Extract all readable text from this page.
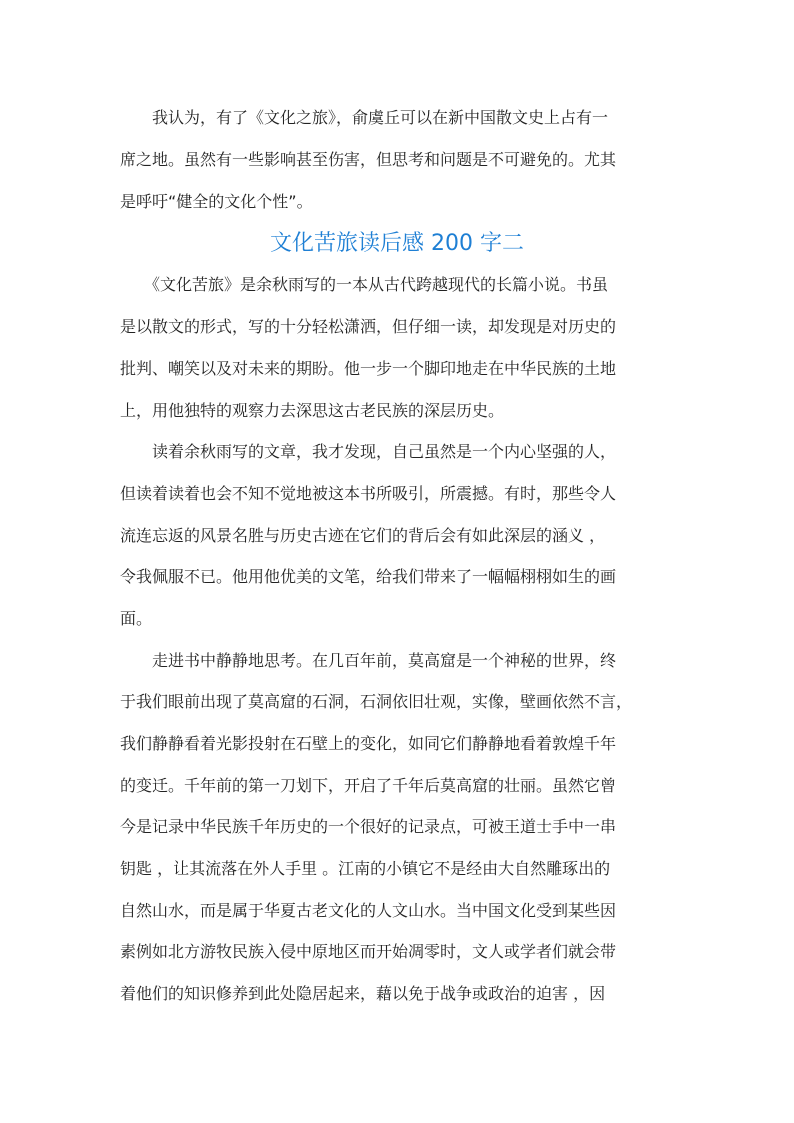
　　我认为，有了《文化之旅》，俞虞丘可以在新中国散文史上占有一
席之地。虽然有一些影响甚至伤害，但思考和问题是不可避免的。尤其
是呼吁“健全的文化个性”。
文化苦旅读后感 200 字二
　　《文化苦旅》是余秋雨写的一本从古代跨越现代的长篇小说。书虽
是以散文的形式，写的十分轻松潇洒，但仔细一读，却发现是对历史的
批判、嘲笑以及对未来的期盼。他一步一个脚印地走在中华民族的土地
上，用他独特的观察力去深思这古老民族的深层历史。
　　读着余秋雨写的文章，我才发现，自己虽然是一个内心坚强的人，
但读着读着也会不知不觉地被这本书所吸引，所震撼。有时，那些令人
流连忘返的风景名胜与历史古迹在它们的背后会有如此深层的涵义 ，
令我佩服不已。他用他优美的文笔，给我们带来了一幅幅栩栩如生的画
面。
　　走进书中静静地思考。在几百年前，莫高窟是一个神秘的世界，终
于我们眼前出现了莫高窟的石洞，石洞依旧壮观，实像，壁画依然不言，
我们静静看着光影投射在石壁上的变化，如同它们静静地看着敦煌千年
的变迁。千年前的第一刀划下，开启了千年后莫高窟的壮丽。虽然它曾
今是记录中华民族千年历史的一个很好的记录点，可被王道士手中一串
钥匙 ，让其流落在外人手里 。江南的小镇它不是经由大自然雕琢出的
自然山水，而是属于华夏古老文化的人文山水。当中国文化受到某些因
素例如北方游牧民族入侵中原地区而开始凋零时，文人或学者们就会带
着他们的知识修养到此处隐居起来，藉以免于战争或政治的迫害 ，因
